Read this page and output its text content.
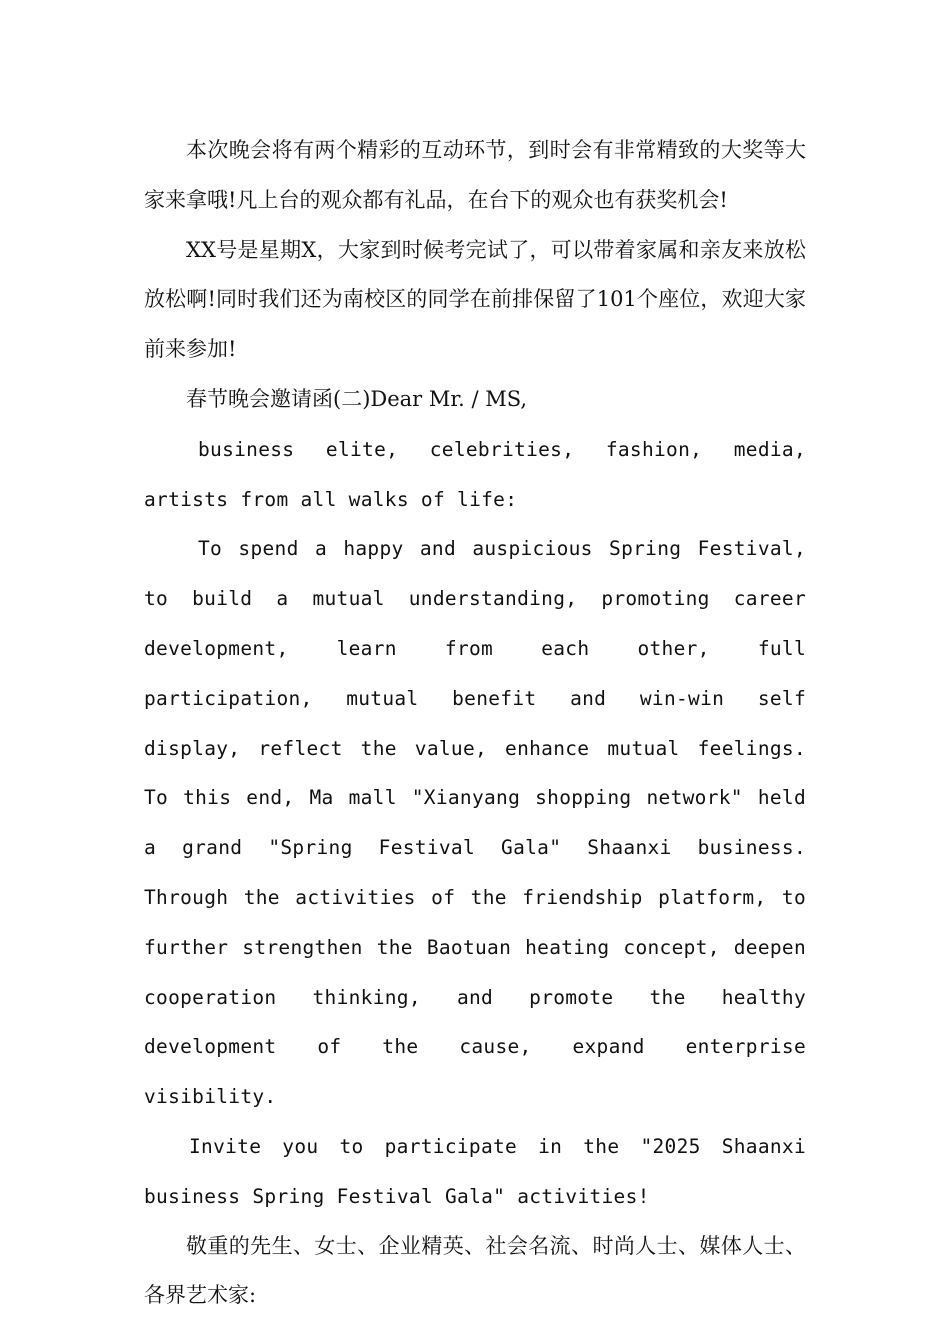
本次晚会将有两个精彩的互动环节，到时会有非常精致的大奖等大家来拿哦!凡上台的观众都有礼品，在台下的观众也有获奖机会!

XX号是星期X，大家到时候考完试了，可以带着家属和亲友来放松放松啊!同时我们还为南校区的同学在前排保留了101个座位，欢迎大家前来参加!

春节晚会邀请函(二)Dear Mr. / MS,

business elite, celebrities, fashion, media, artists from all walks of life:

To spend a happy and auspicious Spring Festival, to build a mutual understanding, promoting career development, learn from each other, full participation, mutual benefit and win-win self display, reflect the value, enhance mutual feelings. To this end, Ma mall "Xianyang shopping network" held a grand "Spring Festival Gala" Shaanxi business. Through the activities of the friendship platform, to further strengthen the Baotuan heating concept, deepen cooperation thinking, and promote the healthy development of the cause, expand enterprise visibility.

Invite you to participate in the "2025 Shaanxi business Spring Festival Gala" activities!

敬重的先生、女士、企业精英、社会名流、时尚人士、媒体人士、各界艺术家:
